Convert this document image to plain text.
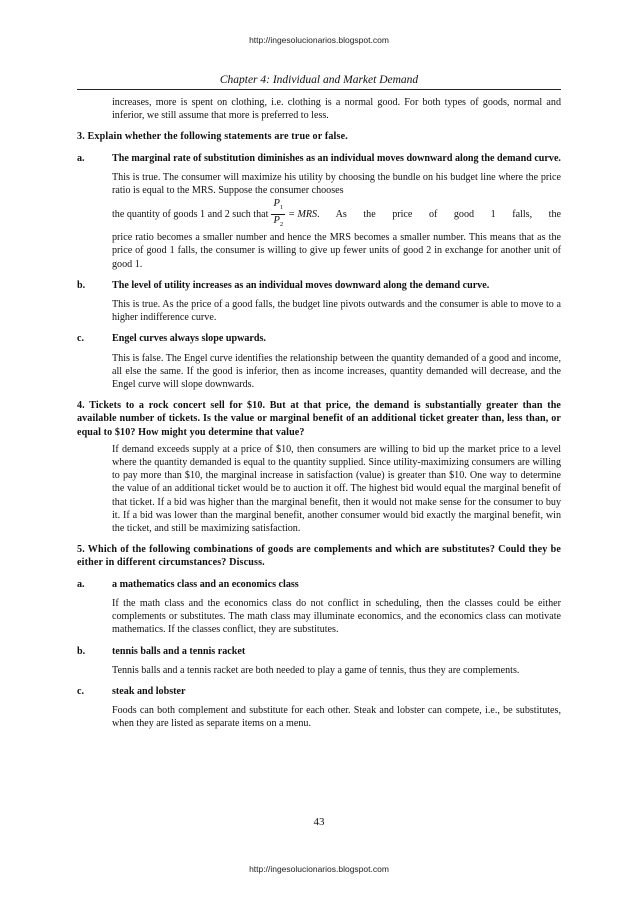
http://ingesolucionarios.blogspot.com
Chapter 4: Individual and Market Demand

increases, more is spent on clothing, i.e. clothing is a normal good. For both types of goods, normal and inferior, we still assume that more is preferred to less.

3. Explain whether the following statements are true or false.

a.	The marginal rate of substitution diminishes as an individual moves downward along the demand curve.

This is true. The consumer will maximize his utility by choosing the bundle on his budget line where the price ratio is equal to the MRS. Suppose the consumer chooses

the quantity of goods 1 and 2 such that $\frac{P_1}{P_2}$ = MRS . As the price of good 1 falls, the

price ratio becomes a smaller number and hence the MRS becomes a smaller number. This means that as the price of good 1 falls, the consumer is willing to give up fewer units of good 2 in exchange for another unit of good 1.

b.	The level of utility increases as an individual moves downward along the demand curve.

This is true. As the price of a good falls, the budget line pivots outwards and the consumer is able to move to a higher indifference curve.

c.	Engel curves always slope upwards.

This is false. The Engel curve identifies the relationship between the quantity demanded of a good and income, all else the same. If the good is inferior, then as income increases, quantity demanded will decrease, and the Engel curve will slope downwards.

4. Tickets to a rock concert sell for $10. But at that price, the demand is substantially greater than the available number of tickets. Is the value or marginal benefit of an additional ticket greater than, less than, or equal to $10? How might you determine that value?

If demand exceeds supply at a price of $10, then consumers are willing to bid up the market price to a level where the quantity demanded is equal to the quantity supplied. Since utility-maximizing consumers are willing to pay more than $10, the marginal increase in satisfaction (value) is greater than $10. One way to determine the value of an additional ticket would be to auction it off. The highest bid would equal the marginal benefit of that ticket. If a bid was higher than the marginal benefit, then it would not make sense for the consumer to buy it. If a bid was lower than the marginal benefit, another consumer would bid exactly the marginal benefit, win the ticket, and still be maximizing satisfaction.

5. Which of the following combinations of goods are complements and which are substitutes? Could they be either in different circumstances? Discuss.

a.	a mathematics class and an economics class

If the math class and the economics class do not conflict in scheduling, then the classes could be either complements or substitutes. The math class may illuminate economics, and the economics class can motivate mathematics. If the classes conflict, they are substitutes.

b.	tennis balls and a tennis racket

Tennis balls and a tennis racket are both needed to play a game of tennis, thus they are complements.

c.	steak and lobster

Foods can both complement and substitute for each other. Steak and lobster can compete, i.e., be substitutes, when they are listed as separate items on a menu.

43
http://ingesolucionarios.blogspot.com
